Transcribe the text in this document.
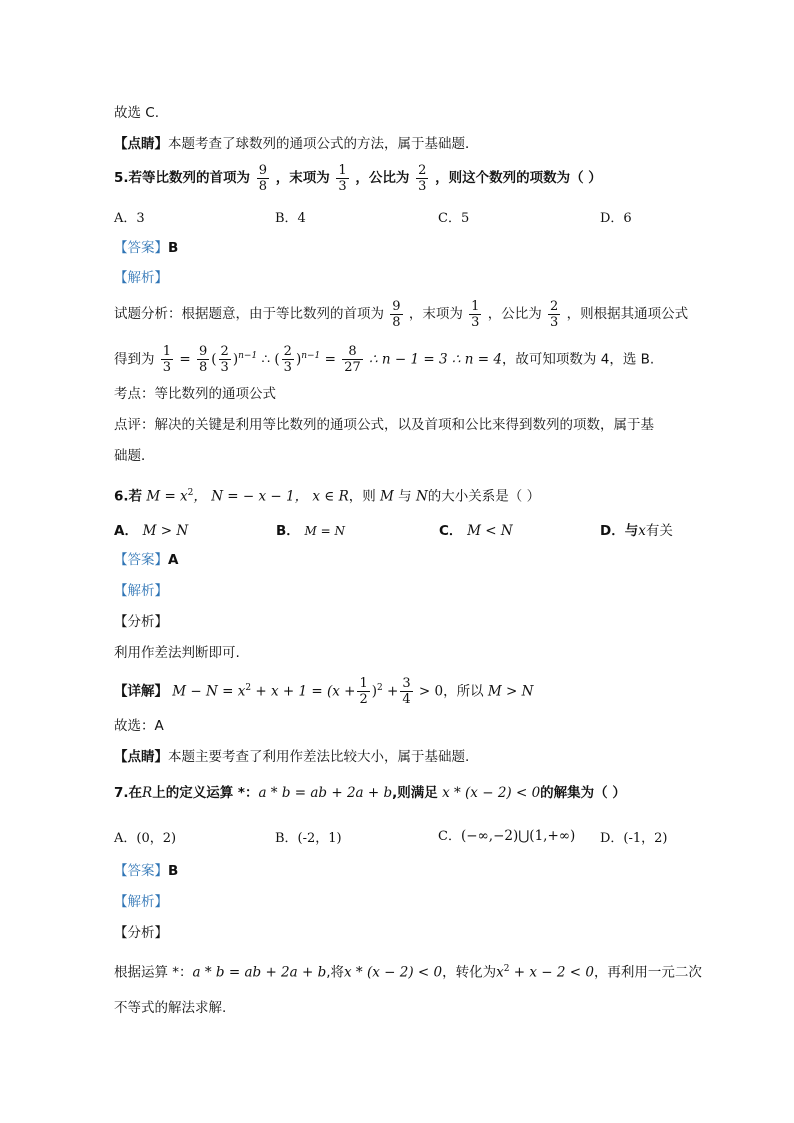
故选 C.
【点睛】本题考查了球数列的通项公式的方法，属于基础题．
5.若等比数列的首项为 $\frac{9}{8}$ ，末项为 $\frac{1}{3}$ ，公比为 $\frac{2}{3}$ ，则这个数列的项数为（ ）
A．3	B．4	C．5	D．6
【答案】B
【解析】
试题分析：根据题意，由于等比数列的首项为 $\frac{9}{8}$ ，末项为 $\frac{1}{3}$ ，公比为 $\frac{2}{3}$ ，则根据其通项公式
得到为 $\frac{1}{3} = \frac{9}{8}$ ( $\frac{2}{3} )^{n-1}$ ∴ ( $\frac{2}{3} )^{n-1} = \frac{8}{27}$ ∴ n − 1 = 3 ∴ n = 4，故可知项数为 4，选 B.
考点：等比数列的通项公式
点评：解决的关键是利用等比数列的通项公式，以及首项和公比来得到数列的项数，属于基
础题．
6.若 $M = x^2$， N = − x − 1， x ∈ R，则 M 与 N的大小关系是（ ）
A． M > N	B． M = N	C． M < N	D．与x有关
【答案】A
【解析】
【分析】
利用作差法判断即可.
【详解】 $M - N = x^2 + x + 1 = (x + \frac{1}{2} )^2 + \frac{3}{4} > 0$，所以 M > N
故选：A
【点睛】本题主要考查了利用作差法比较大小，属于基础题.
7.在R上的定义运算 *：a * b = ab + 2a + b,则满足 x * (x − 2) < 0的解集为（ ）
A．(0，2)	B．(-2，1)	C．(−∞,−2)⋃(1,+∞) D．(-1，2)
【答案】B
【解析】
【分析】
根据运算 *：a * b = ab + 2a + b,将x * (x − 2) < 0，转化为$x^2 + x - 2 < 0$，再利用一元二次
不等式的解法求解.
